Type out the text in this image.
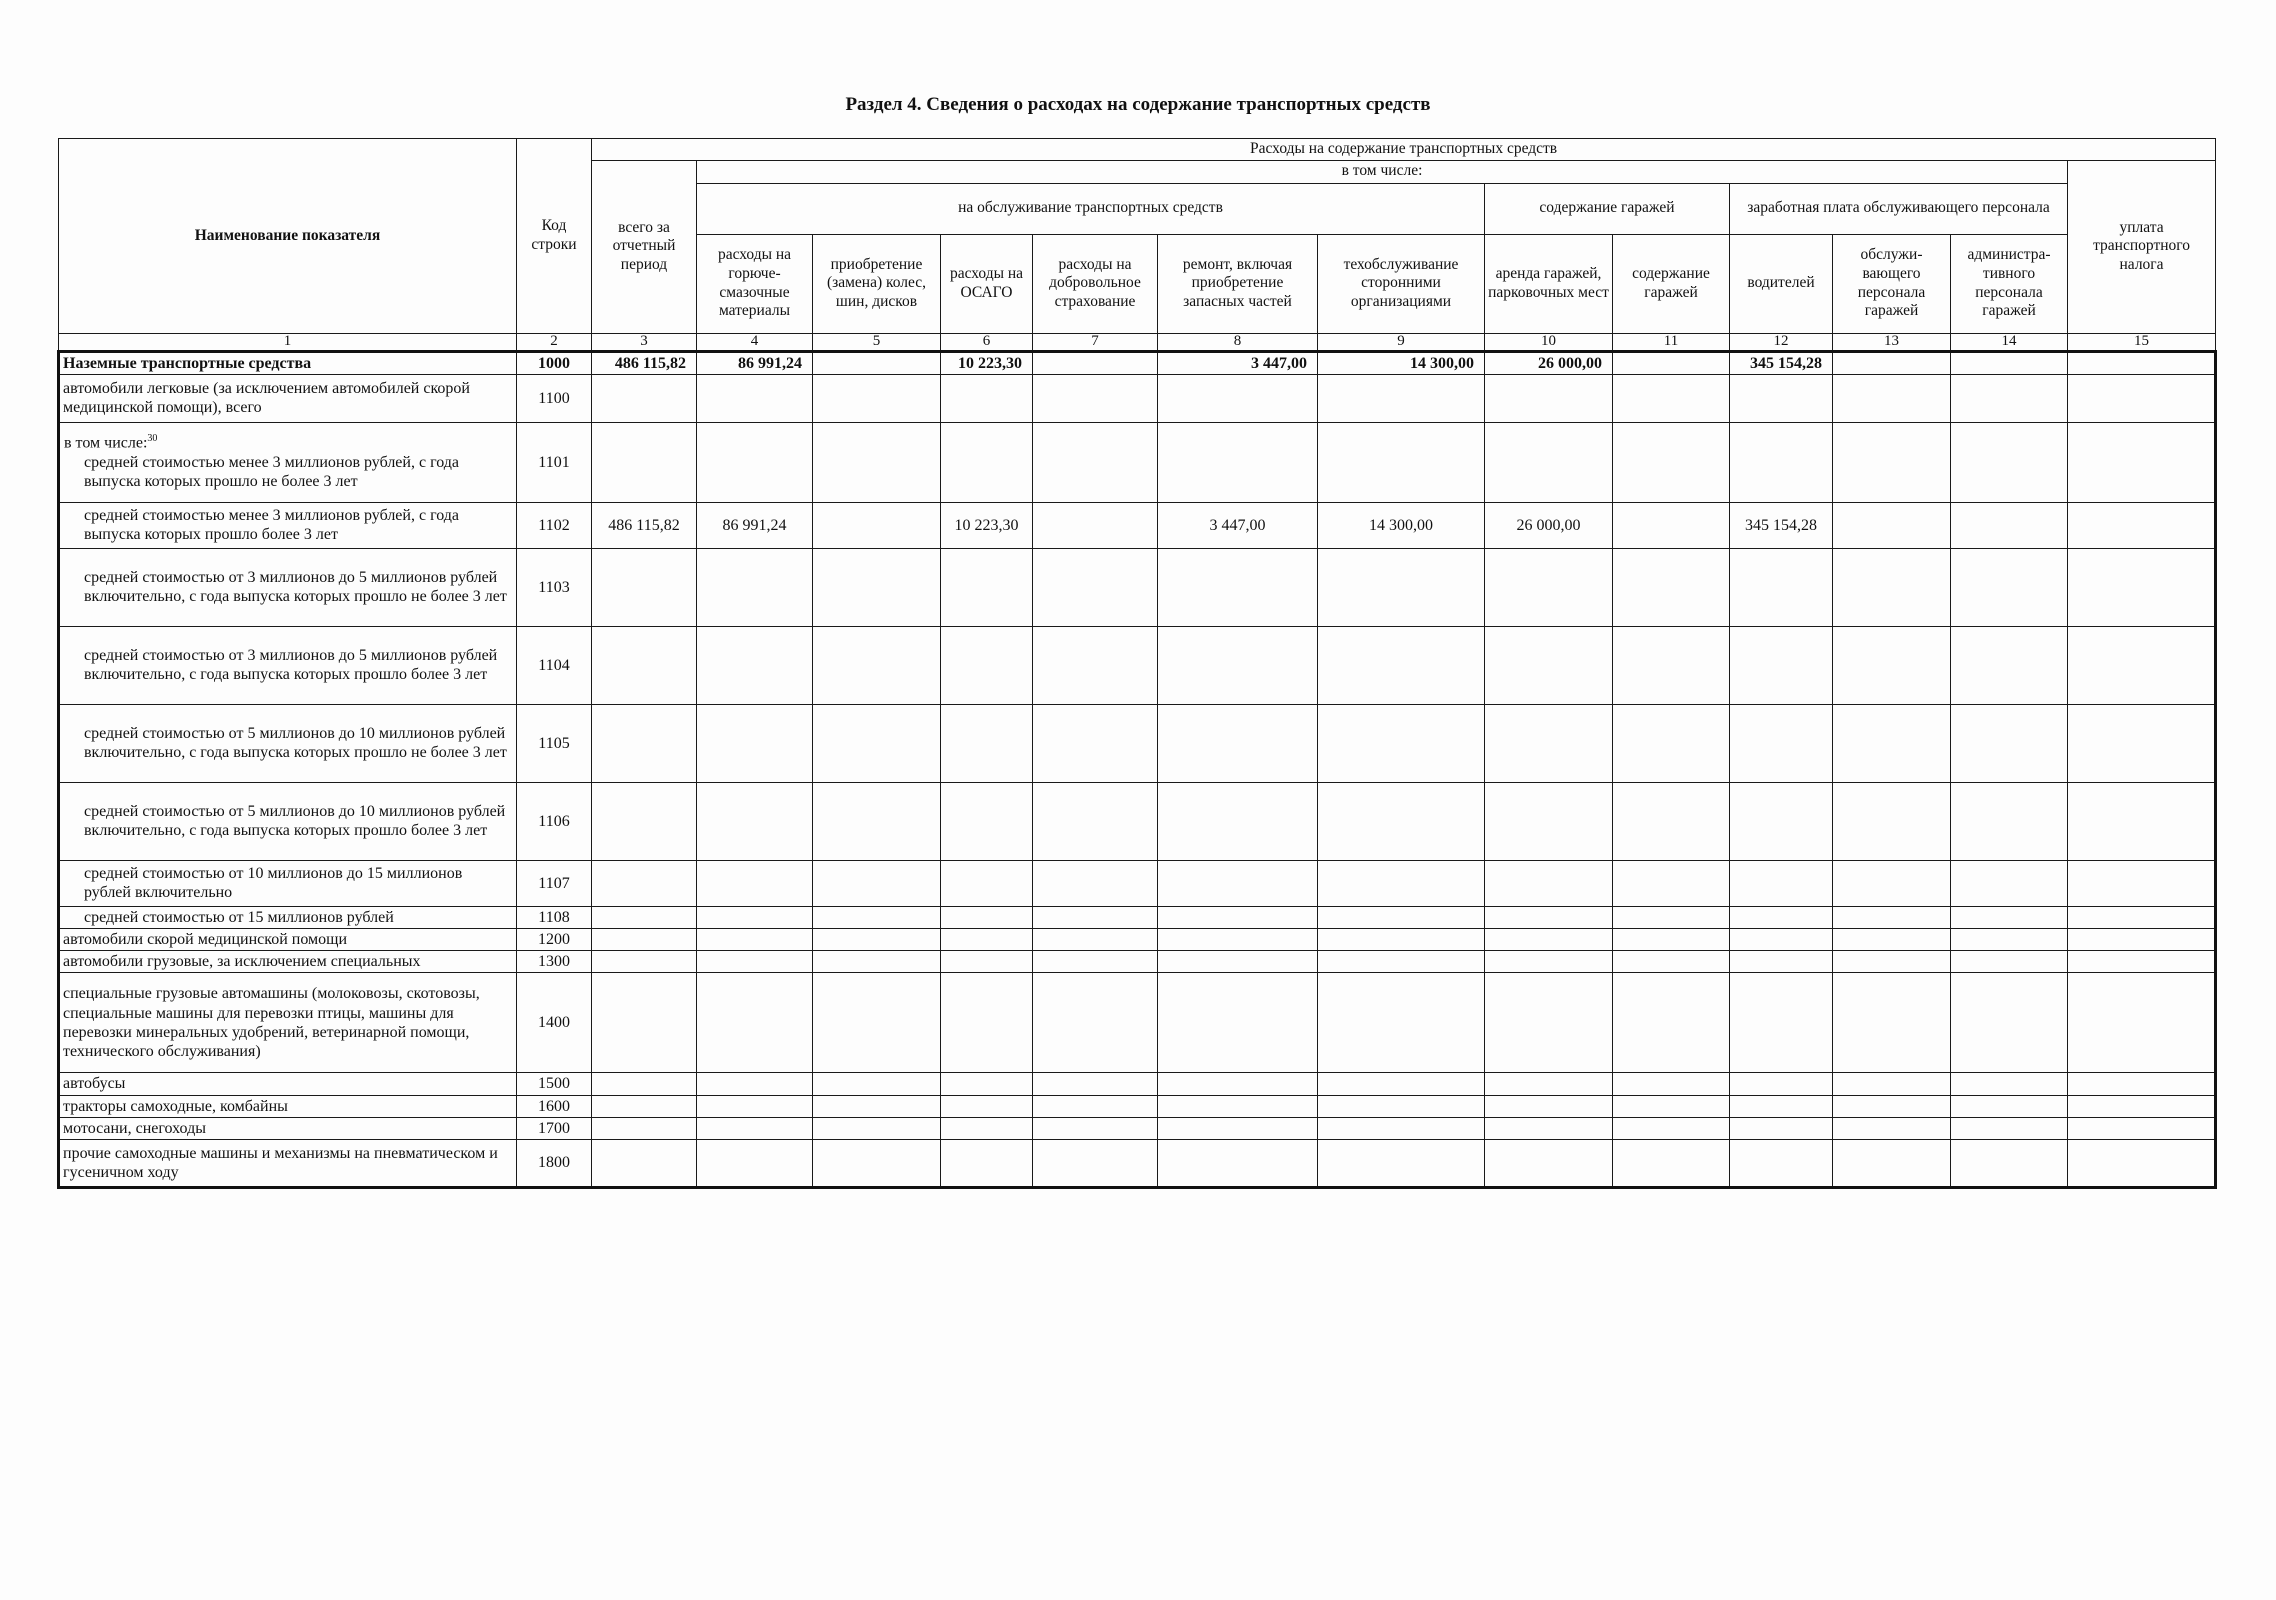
Раздел 4. Сведения о расходах на содержание транспортных средств
Наименование показателя	Код строки	Расходы на содержание транспортных средств												
		всего за отчетный период	в том числе:											уплата транспортного налога
			на обслуживание транспортных средств						содержание гаражей		заработная плата обслуживающего персонала			
			расходы на горюче-смазочные материалы	приобретение (замена) колес, шин, дисков	расходы на ОСАГО	расходы на добровольное страхование	ремонт, включая приобретение запасных частей	техобслуживание сторонними организациями	аренда гаражей, парковочных мест	содержание гаражей	водителей	обслужи-вающего персонала гаражей	администра-тивного персонала гаражей	
1	2	3	4	5	6	7	8	9	10	11	12	13	14	15
Наземные транспортные средства	1000	486 115,82	86 991,24		10 223,30		3 447,00	14 300,00	26 000,00		345 154,28			
автомобили легковые (за исключением автомобилей скорой медицинской помощи), всего	1100													

в том числе:$^{30}$
средней стоимостью менее 3 миллионов рублей, с года выпуска которых прошло не более 3 лет	1101													
средней стоимостью менее 3 миллионов рублей, с года выпуска которых прошло более 3 лет	1102	486 115,82	86 991,24		10 223,30		3 447,00	14 300,00	26 000,00		345 154,28			
средней стоимостью от 3 миллионов до 5 миллионов рублей включительно, с года выпуска которых прошло не более 3 лет	1103													
средней стоимостью от 3 миллионов до 5 миллионов рублей включительно, с года выпуска которых прошло более 3 лет	1104													
средней стоимостью от 5 миллионов до 10 миллионов рублей включительно, с года выпуска которых прошло не более 3 лет	1105													
средней стоимостью от 5 миллионов до 10 миллионов рублей включительно, с года выпуска которых прошло более 3 лет	1106													
средней стоимостью от 10 миллионов до 15 миллионов рублей включительно	1107													
средней стоимостью от 15 миллионов рублей	1108													
автомобили скорой медицинской помощи	1200													
автомобили грузовые, за исключением специальных	1300													
специальные грузовые автомашины (молоковозы, скотовозы, специальные машины для перевозки птицы, машины для перевозки минеральных удобрений, ветеринарной помощи, технического обслуживания)	1400													
автобусы	1500													
тракторы самоходные, комбайны	1600													
мотосани, снегоходы	1700													
прочие самоходные машины и механизмы на пневматическом и гусеничном ходу	1800													
